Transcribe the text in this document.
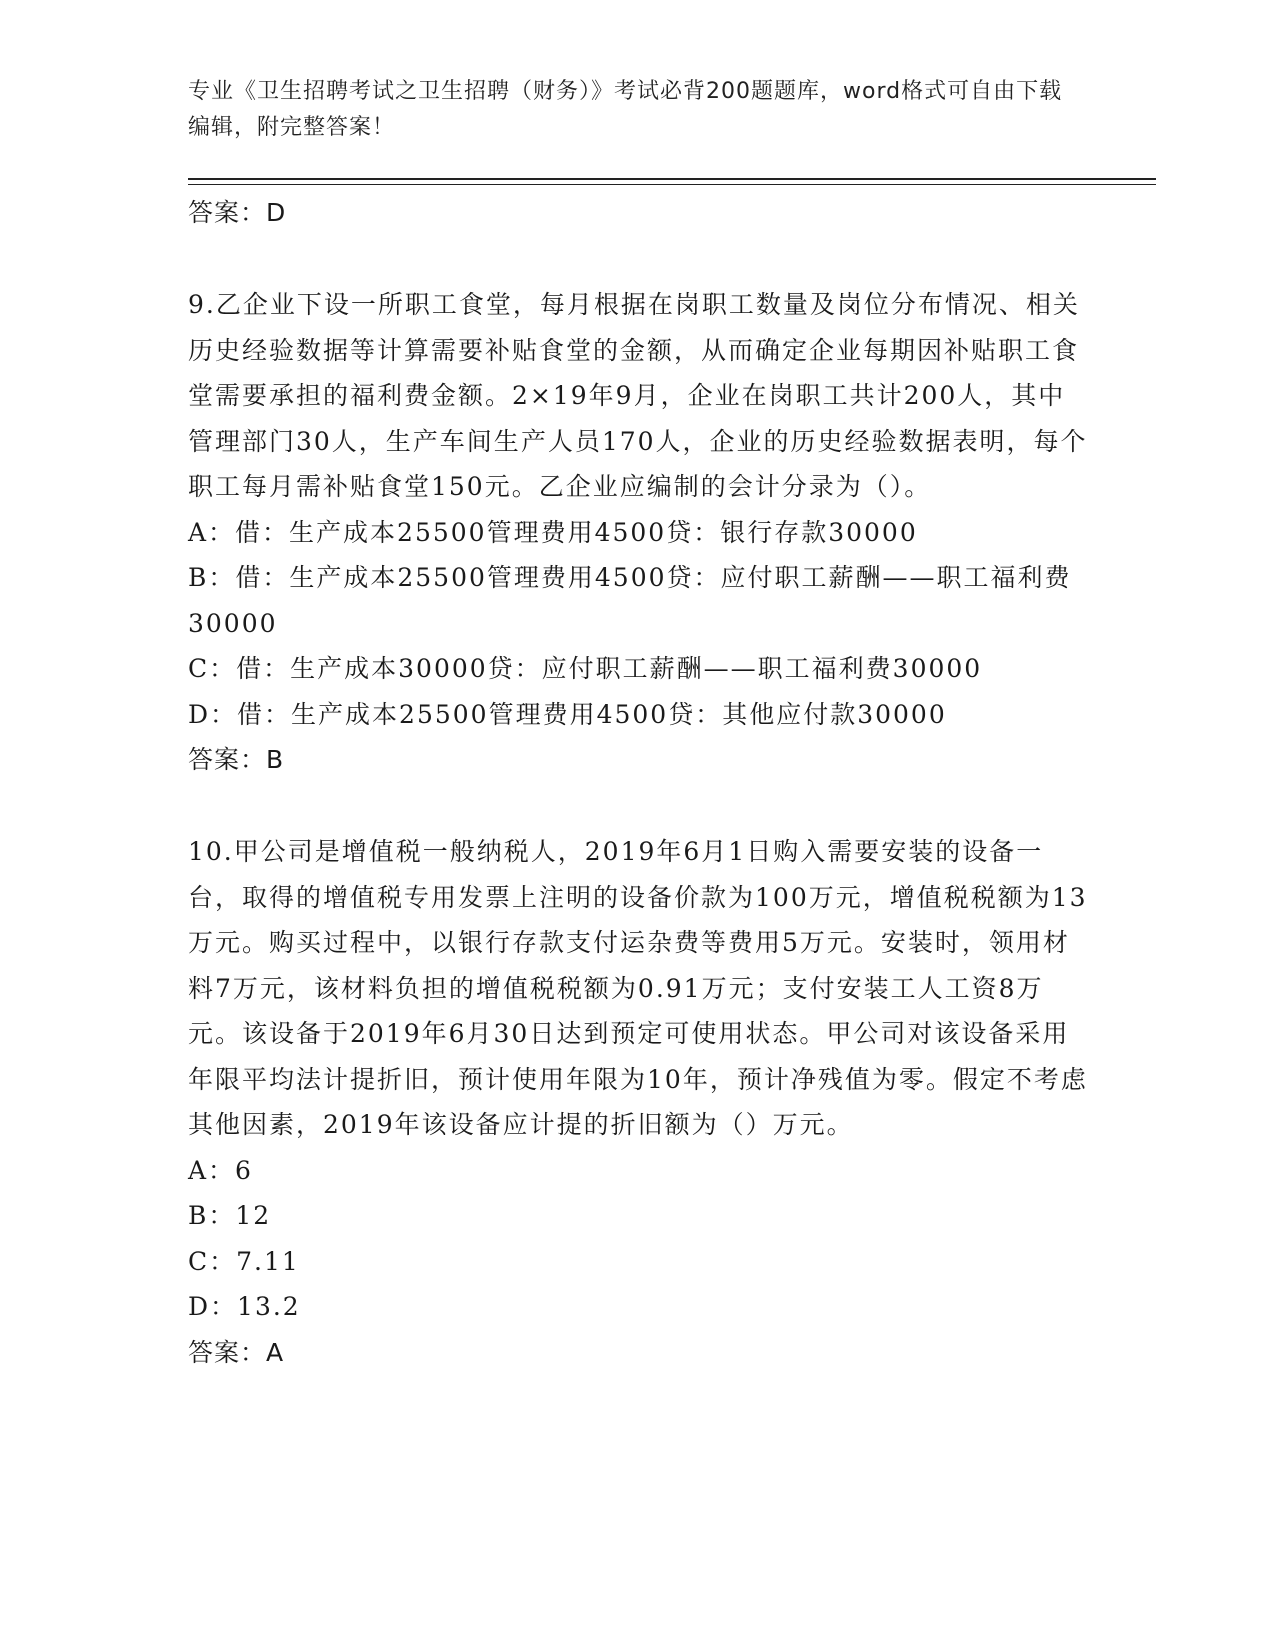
专业《卫生招聘考试之卫生招聘（财务）》考试必背200题题库，word格式可自由下载编辑，附完整答案！
答案：D
9.乙企业下设一所职工食堂，每月根据在岗职工数量及岗位分布情况、相关历史经验数据等计算需要补贴食堂的金额，从而确定企业每期因补贴职工食堂需要承担的福利费金额。2×19年9月，企业在岗职工共计200人，其中管理部门30人，生产车间生产人员170人，企业的历史经验数据表明，每个职工每月需补贴食堂150元。乙企业应编制的会计分录为（）。
A：借：生产成本25500管理费用4500贷：银行存款30000
B：借：生产成本25500管理费用4500贷：应付职工薪酬——职工福利费30000
C：借：生产成本30000贷：应付职工薪酬——职工福利费30000
D：借：生产成本25500管理费用4500贷：其他应付款30000
答案：B
10.甲公司是增值税一般纳税人，2019年6月1日购入需要安装的设备一台，取得的增值税专用发票上注明的设备价款为100万元，增值税税额为13万元。购买过程中，以银行存款支付运杂费等费用5万元。安装时，领用材料7万元，该材料负担的增值税税额为0.91万元；支付安装工人工资8万元。该设备于2019年6月30日达到预定可使用状态。甲公司对该设备采用年限平均法计提折旧，预计使用年限为10年，预计净残值为零。假定不考虑其他因素，2019年该设备应计提的折旧额为（）万元。
A：6
B：12
C：7.11
D：13.2
答案：A
